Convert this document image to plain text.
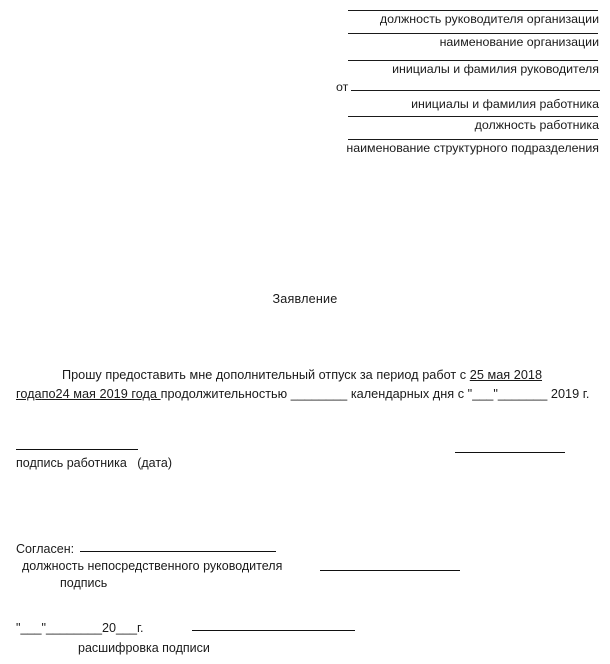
должность руководителя организации
наименование организации
инициалы и фамилия руководителя
от
инициалы и фамилия работника
должность работника
наименование структурного подразделения
Заявление
Прошу предоставить мне дополнительный отпуск за период работ с 25 мая 2018 годапо24 мая 2019 года продолжительностью ________ календарных дня с "___"_______ 2019 г.
подпись работника   (дата)
Согласен:
должность непосредственного руководителя
подпись
"___"________20___г.
расшифровка подписи
